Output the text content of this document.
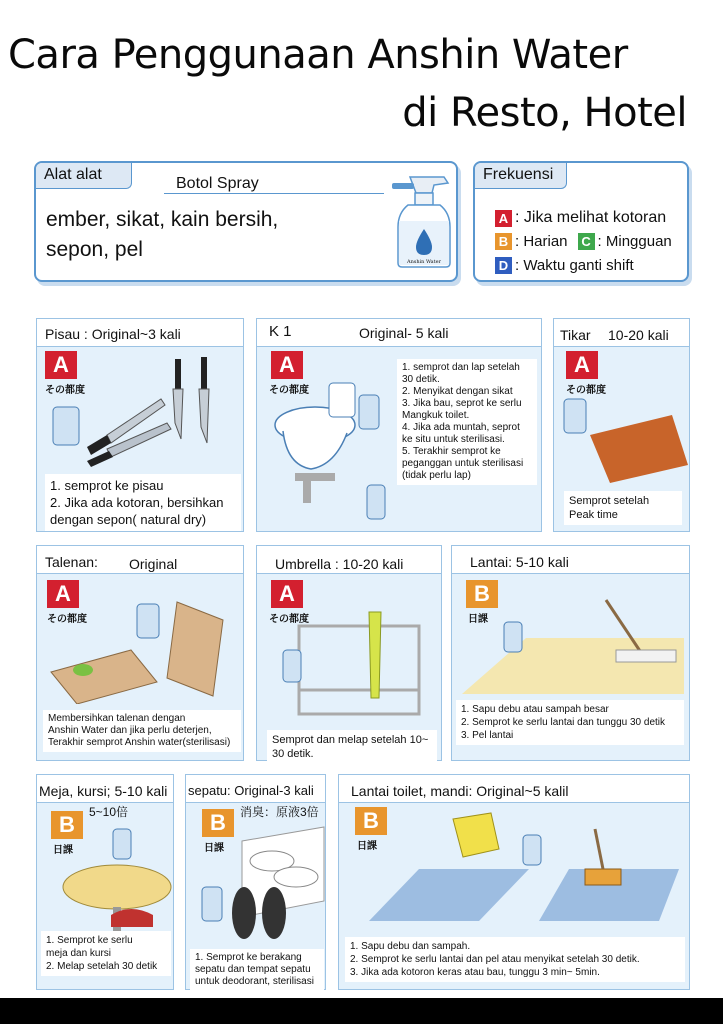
Cara Penggunaan Anshin Water
di Resto, Hotel
Alat alat
Botol Spray
ember, sikat, kain bersih,
sepon, pel
Anshin Water
Frekuensi
A : Jika melihat kotoran
B : Harian C : Mingguan
D : Waktu ganti shift
Pisau : Original~3 kali
A
その都度
1. semprot ke pisau
2. Jika ada kotoran, bersihkan
dengan sepon( natural dry)
K 1	Original- 5 kali
A
その都度
1. semprot dan lap setelah
30 detik.
2. Menyikat dengan sikat
3. Jika bau, seprot ke serlu
Mangkuk toilet.
4. Jika ada muntah, seprot
ke situ untuk sterilisasi.
5. Terakhir semprot ke
peganggan untuk sterilisasi
(tidak perlu lap)
Tikar 10-20 kali
A
その都度
Semprot setelah
Peak time
Talenan: Original
A
その都度
Membersihkan talenan dengan
Anshin Water dan jika perlu deterjen,
Terakhir semprot Anshin water(sterilisasi)
Umbrella : 10-20 kali
A
その都度
Semprot dan melap setelah 10~
30 detik.
Lantai: 5-10 kali
B
日課
1. Sapu debu atau sampah besar
2. Semprot ke serlu lantai dan tunggu 30 detik
3. Pel lantai
Meja, kursi; 5-10 kali
5~10倍
B
日課
1. Semprot ke serlu
meja dan kursi
2. Melap setelah 30 detik
sepatu: Original-3 kali
消臭：原液3倍
B
日課
1. Semprot ke berakang
sepatu dan tempat sepatu
untuk deodorant, sterilisasi
Lantai toilet, mandi: Original~5 kalil
B
日課
1. Sapu debu dan sampah.
2. Semprot ke serlu lantai dan pel atau menyikat setelah 30 detik.
3. Jika ada kotoron keras atau bau, tunggu 3 min~ 5min.
